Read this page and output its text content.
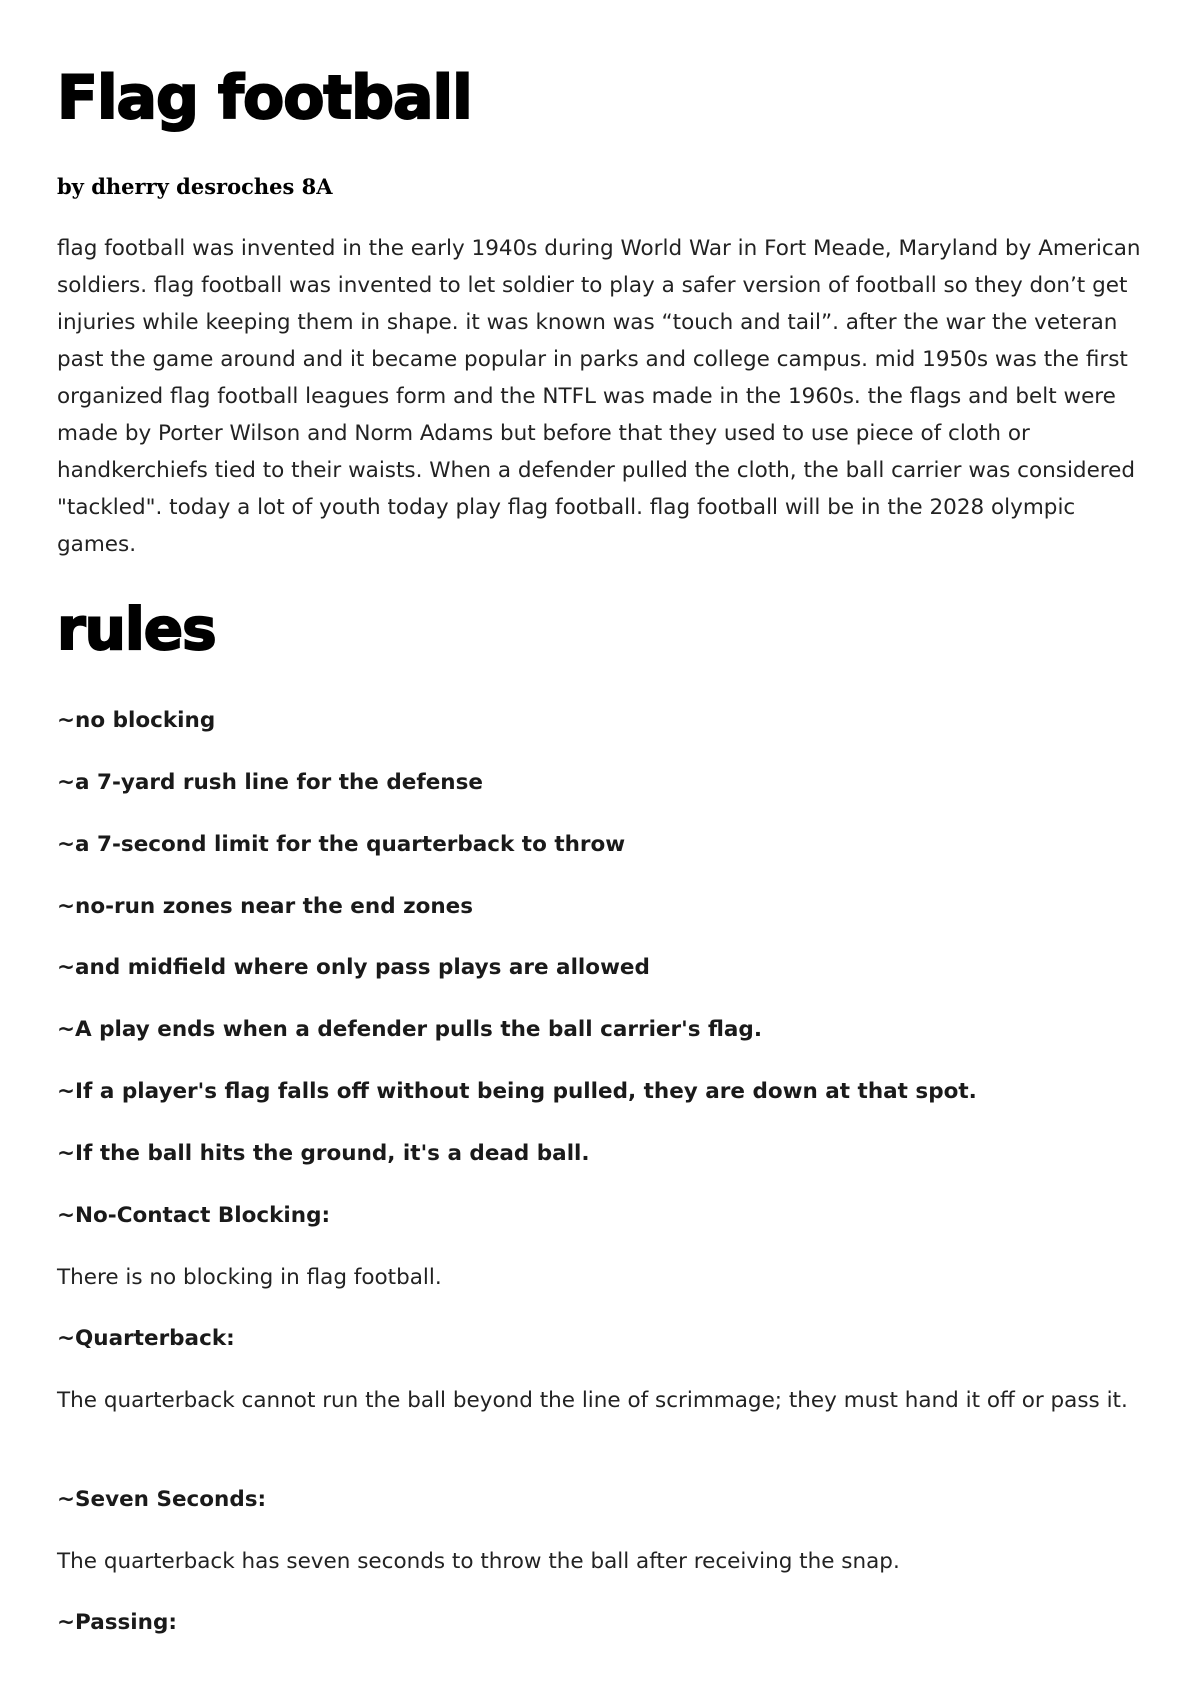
Flag football

by dherry desroches 8A

flag football was invented in the early 1940s during World War in Fort Meade, Maryland by American soldiers. flag football was invented to let soldier to play a safer version of football so they don’t get injuries while keeping them in shape. it was known was “touch and tail”. after the war the veteran past the game around and it became popular in parks and college campus. mid 1950s was the first organized flag football leagues form and the NTFL was made in the 1960s. the flags and belt were made by Porter Wilson and Norm Adams but before that they used to use piece of cloth or handkerchiefs tied to their waists. When a defender pulled the cloth, the ball carrier was considered "tackled". today a lot of youth today play flag football. flag football will be in the 2028 olympic games.

rules

~no blocking

~a 7-yard rush line for the defense

~a 7-second limit for the quarterback to throw

~no-run zones near the end zones

~and midfield where only pass plays are allowed

~A play ends when a defender pulls the ball carrier's flag.

~If a player's flag falls off without being pulled, they are down at that spot.

~If the ball hits the ground, it's a dead ball.

~No-Contact Blocking:

There is no blocking in flag football.

~Quarterback:

The quarterback cannot run the ball beyond the line of scrimmage; they must hand it off or pass it.

~Seven Seconds:

The quarterback has seven seconds to throw the ball after receiving the snap.

~Passing:
